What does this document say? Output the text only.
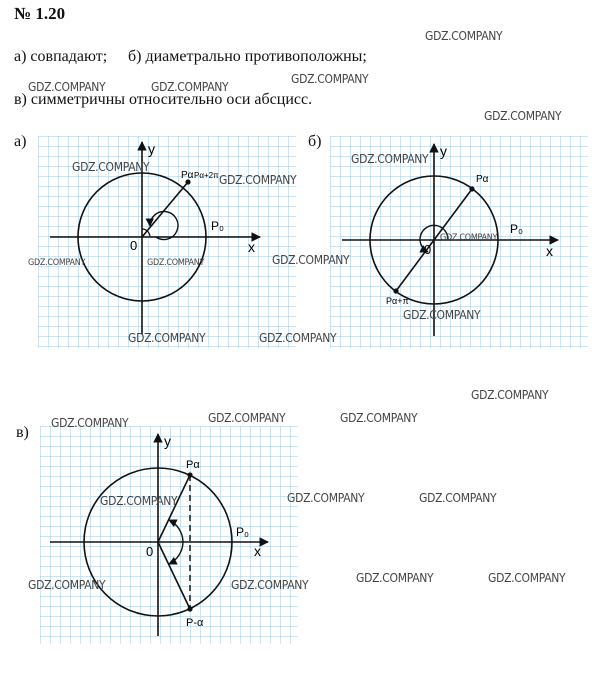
№ 1.20
а) совпадают; б) диаметрально противоположны;
в) симметричны относительно оси абсцисс.
а)	б)
в)
x
y
0
P₀
Pα Pα+2π
x
y
0
P₀
Pα
Pα+π
x
y
0
P₀
Pα
P-α
GDZ.COMPANY
GDZ.COMPANY	GDZ.COMPANY
GDZ.COMPANY
GDZ.COMPANY
GDZ.COMPANY
GDZ.COMPANY
GDZ.COMPANY
GDZ.COMPANY
GDZ.COMPANY	GDZ.COMPANY	GDZ.COMPANY
GDZ.COMPANY
GDZ.COMPANY	GDZ.COMPANY
GDZ.COMPANY
GDZ.COMPANY	GDZ.COMPANY	GDZ.COMPANY
GDZ.COMPANY	GDZ.COMPANY	GDZ.COMPANY
GDZ.COMPANY	GDZ.COMPANY	GDZ.COMPANY	GDZ.COMPANY
